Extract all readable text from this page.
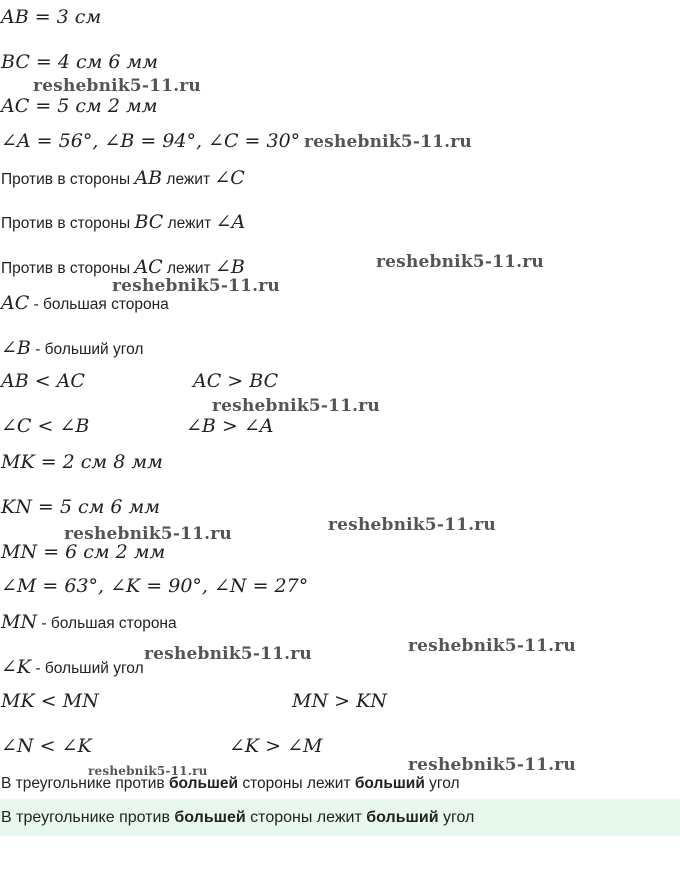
AB = 3 см
BC = 4 см 6 мм
AC = 5 см 2 мм
∠A = 56°, ∠B = 94°, ∠C = 30°
Против в стороны AB лежит ∠C
Против в стороны BC лежит ∠A
Против в стороны AC лежит ∠B
AC - большая сторона
∠B - больший угол
AB < AC	AC > BC
∠C < ∠B	∠B > ∠A
MK = 2 см 8 мм
KN = 5 см 6 мм
MN = 6 см 2 мм
∠M = 63°, ∠K = 90°, ∠N = 27°
MN - большая сторона
∠K - больший угол
MK < MN	MN > KN
∠N < ∠K	∠K > ∠M
В треугольнике против большей стороны лежит больший угол
В треугольнике против большей стороны лежит больший угол
reshebnik5-11.ru
reshebnik5-11.ru
reshebnik5-11.ru
reshebnik5-11.ru
reshebnik5-11.ru
reshebnik5-11.ru
reshebnik5-11.ru
reshebnik5-11.ru
reshebnik5-11.ru
reshebnik5-11.ru	reshebnik5-11.ru
